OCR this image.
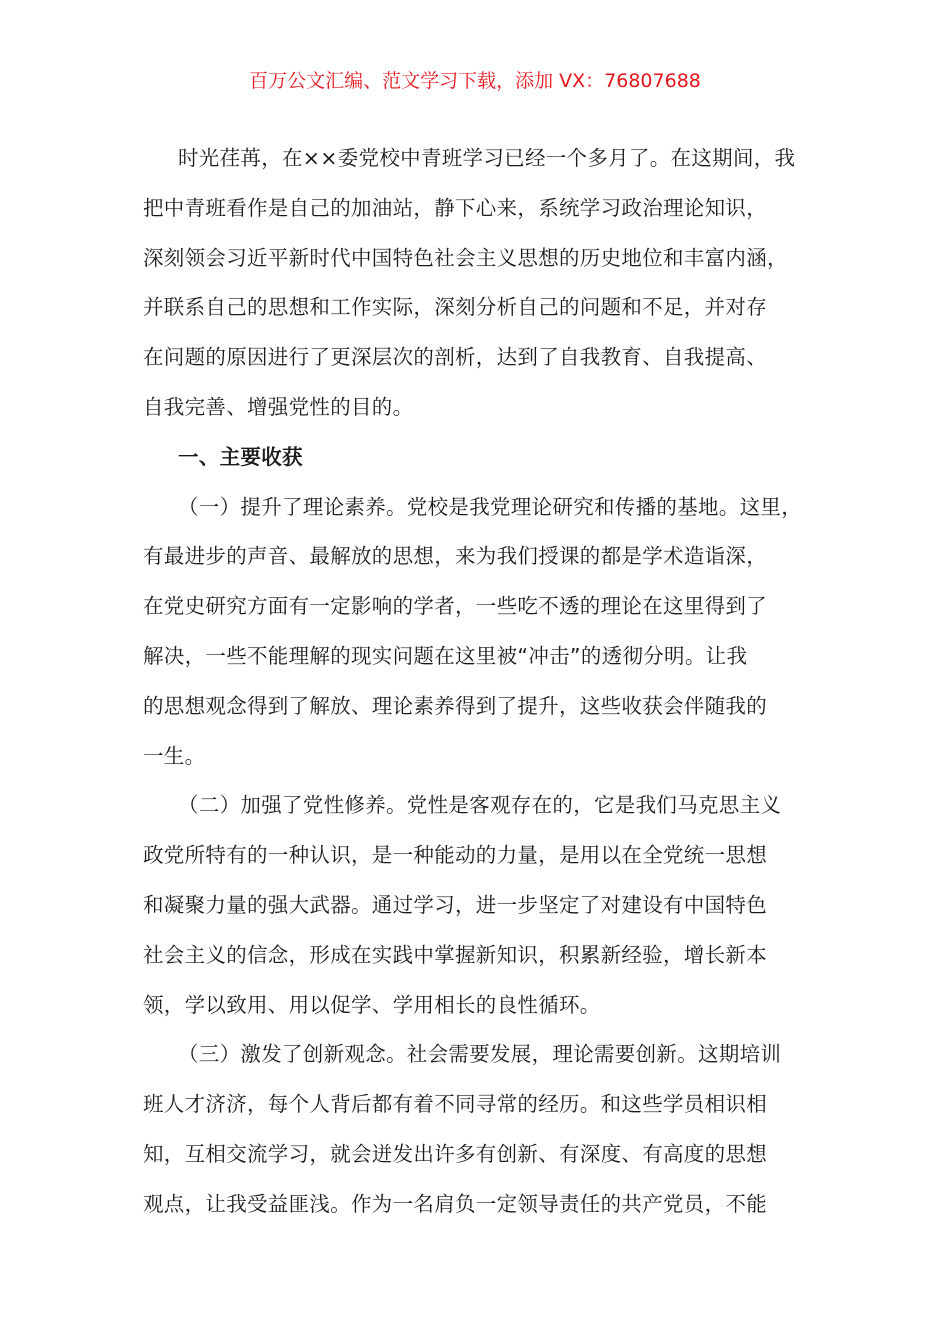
百万公文汇编、范文学习下载，添加 VX：76807688
时光荏苒，在××委党校中青班学习已经一个多月了。在这期间，我
把中青班看作是自己的加油站，静下心来，系统学习政治理论知识，
深刻领会习近平新时代中国特色社会主义思想的历史地位和丰富内涵，
并联系自己的思想和工作实际，深刻分析自己的问题和不足，并对存
在问题的原因进行了更深层次的剖析，达到了自我教育、自我提高、
自我完善、增强党性的目的。
一、主要收获
（一）提升了理论素养。党校是我党理论研究和传播的基地。这里，
有最进步的声音、最解放的思想，来为我们授课的都是学术造诣深，
在党史研究方面有一定影响的学者，一些吃不透的理论在这里得到了
解决，一些不能理解的现实问题在这里被“冲击”的透彻分明。让我
的思想观念得到了解放、理论素养得到了提升，这些收获会伴随我的
一生。
（二）加强了党性修养。党性是客观存在的，它是我们马克思主义
政党所特有的一种认识，是一种能动的力量，是用以在全党统一思想
和凝聚力量的强大武器。通过学习，进一步坚定了对建设有中国特色
社会主义的信念，形成在实践中掌握新知识，积累新经验，增长新本
领，学以致用、用以促学、学用相长的良性循环。
（三）激发了创新观念。社会需要发展，理论需要创新。这期培训
班人才济济，每个人背后都有着不同寻常的经历。和这些学员相识相
知，互相交流学习，就会迸发出许多有创新、有深度、有高度的思想
观点，让我受益匪浅。作为一名肩负一定领导责任的共产党员，不能
